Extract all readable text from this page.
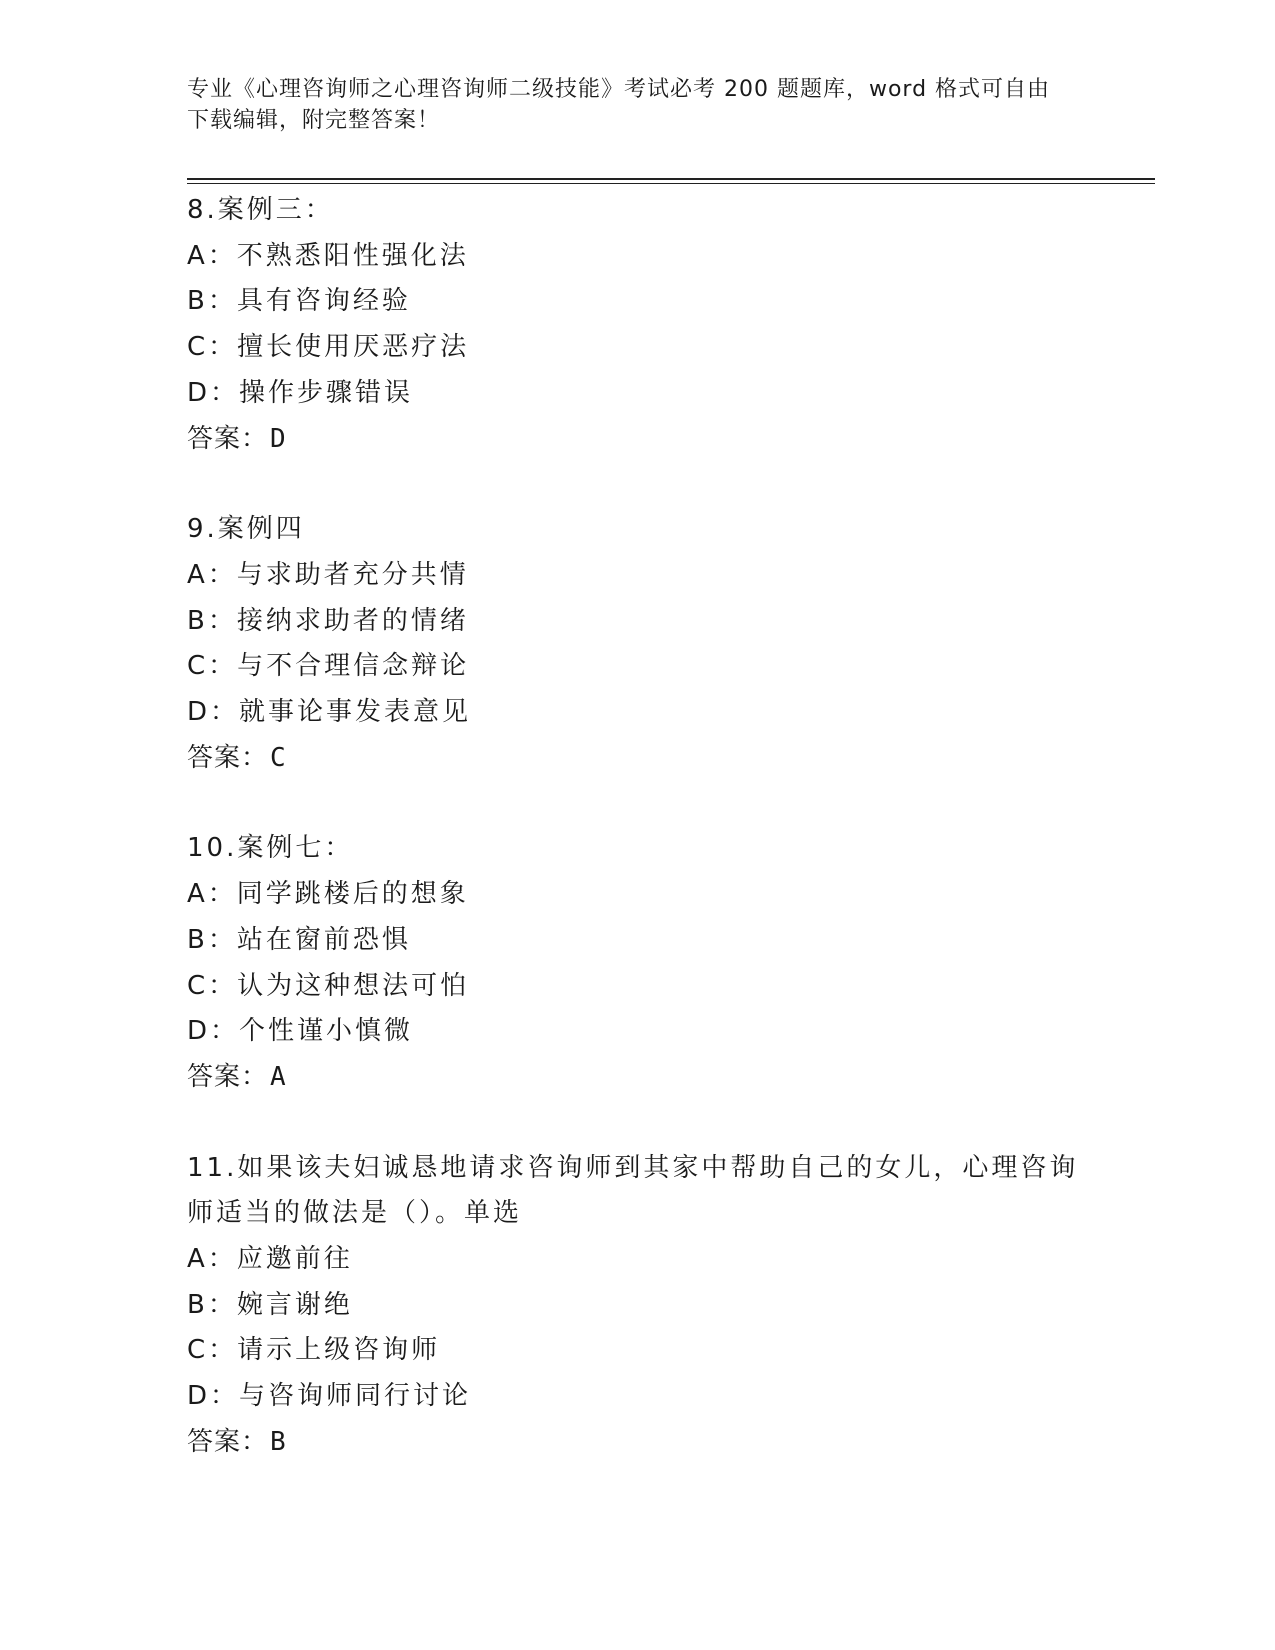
专业《心理咨询师之心理咨询师二级技能》考试必考 200 题题库，word 格式可自由下载编辑，附完整答案！
8.案例三：
A：不熟悉阳性强化法
B：具有咨询经验
C：擅长使用厌恶疗法
D：操作步骤错误
答案：D
9.案例四
A：与求助者充分共情
B：接纳求助者的情绪
C：与不合理信念辩论
D：就事论事发表意见
答案：C
10.案例七：
A：同学跳楼后的想象
B：站在窗前恐惧
C：认为这种想法可怕
D：个性谨小慎微
答案：A
11.如果该夫妇诚恳地请求咨询师到其家中帮助自己的女儿，心理咨询师适当的做法是（）。单选
A：应邀前往
B：婉言谢绝
C：请示上级咨询师
D：与咨询师同行讨论
答案：B
